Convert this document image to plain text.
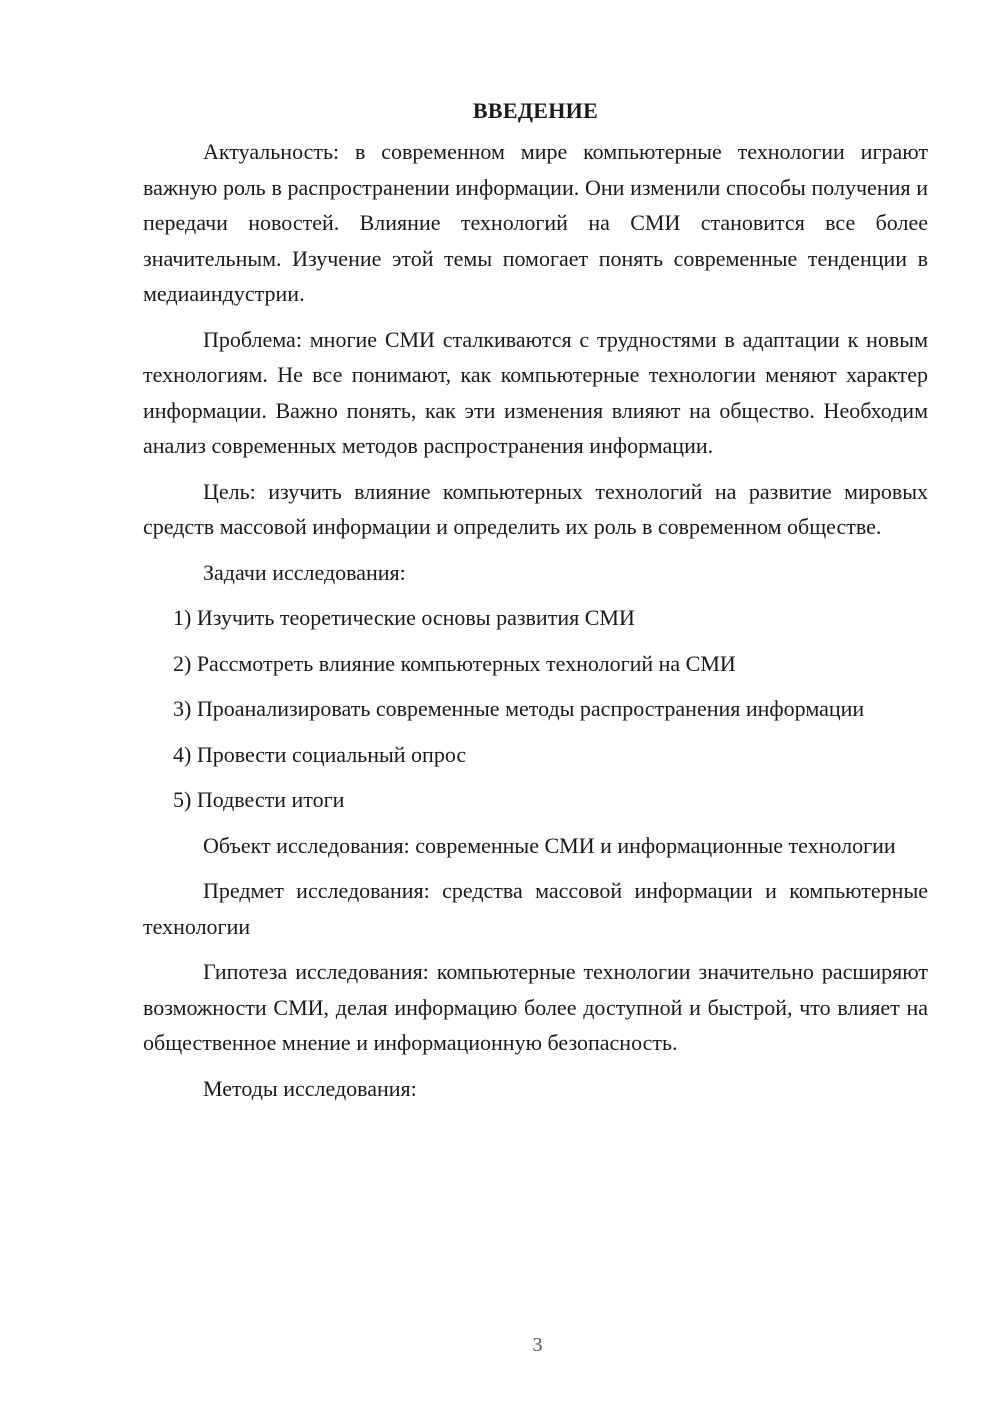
ВВЕДЕНИЕ

Актуальность: в современном мире компьютерные технологии играют важную роль в распространении информации. Они изменили способы получения и передачи новостей. Влияние технологий на СМИ становится все более значительным. Изучение этой темы помогает понять современные тенденции в медиаиндустрии.

Проблема: многие СМИ сталкиваются с трудностями в адаптации к новым технологиям. Не все понимают, как компьютерные технологии меняют характер информации. Важно понять, как эти изменения влияют на общество. Необходим анализ современных методов распространения информации.

Цель: изучить влияние компьютерных технологий на развитие мировых средств массовой информации и определить их роль в современном обществе.

Задачи исследования:

1) Изучить теоретические основы развития СМИ

2) Рассмотреть влияние компьютерных технологий на СМИ

3) Проанализировать современные методы распространения информации

4) Провести социальный опрос

5) Подвести итоги

Объект исследования: современные СМИ и информационные технологии

Предмет исследования: средства массовой информации и компьютерные технологии

Гипотеза исследования: компьютерные технологии значительно расширяют возможности СМИ, делая информацию более доступной и быстрой, что влияет на общественное мнение и информационную безопасность.

Методы исследования:

3
